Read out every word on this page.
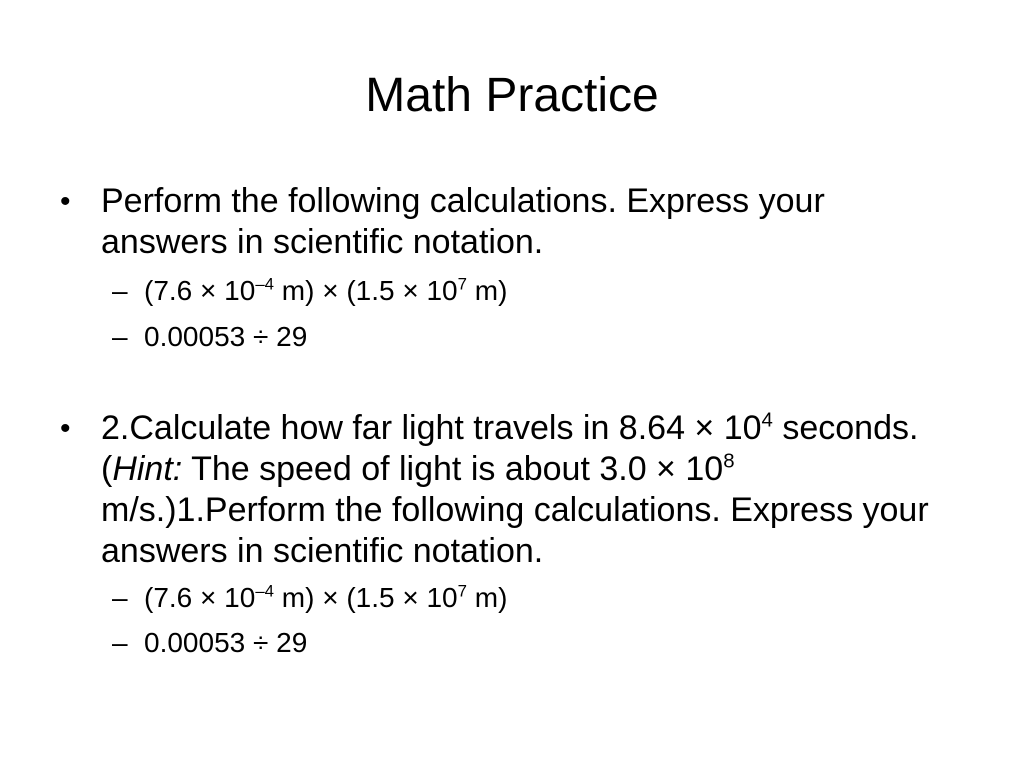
Math Practice
• Perform the following calculations. Express your answers in scientific notation.
– ($7.6 \times 10^{-4}$ $m) \times (1.5 \times 10^7$ m)
– 0.00053 ÷ 29
• 2.Calculate how far light travels in $8.64 \times 10^4$ seconds. (Hint: The speed of light is about $3.0 \times 10^8$ m/s.)1.Perform the following calculations. Express your answers in scientific notation.
– ($7.6 \times 10^{-4}$ $m) \times (1.5 \times 10^7$ m)
– 0.00053 ÷ 29
